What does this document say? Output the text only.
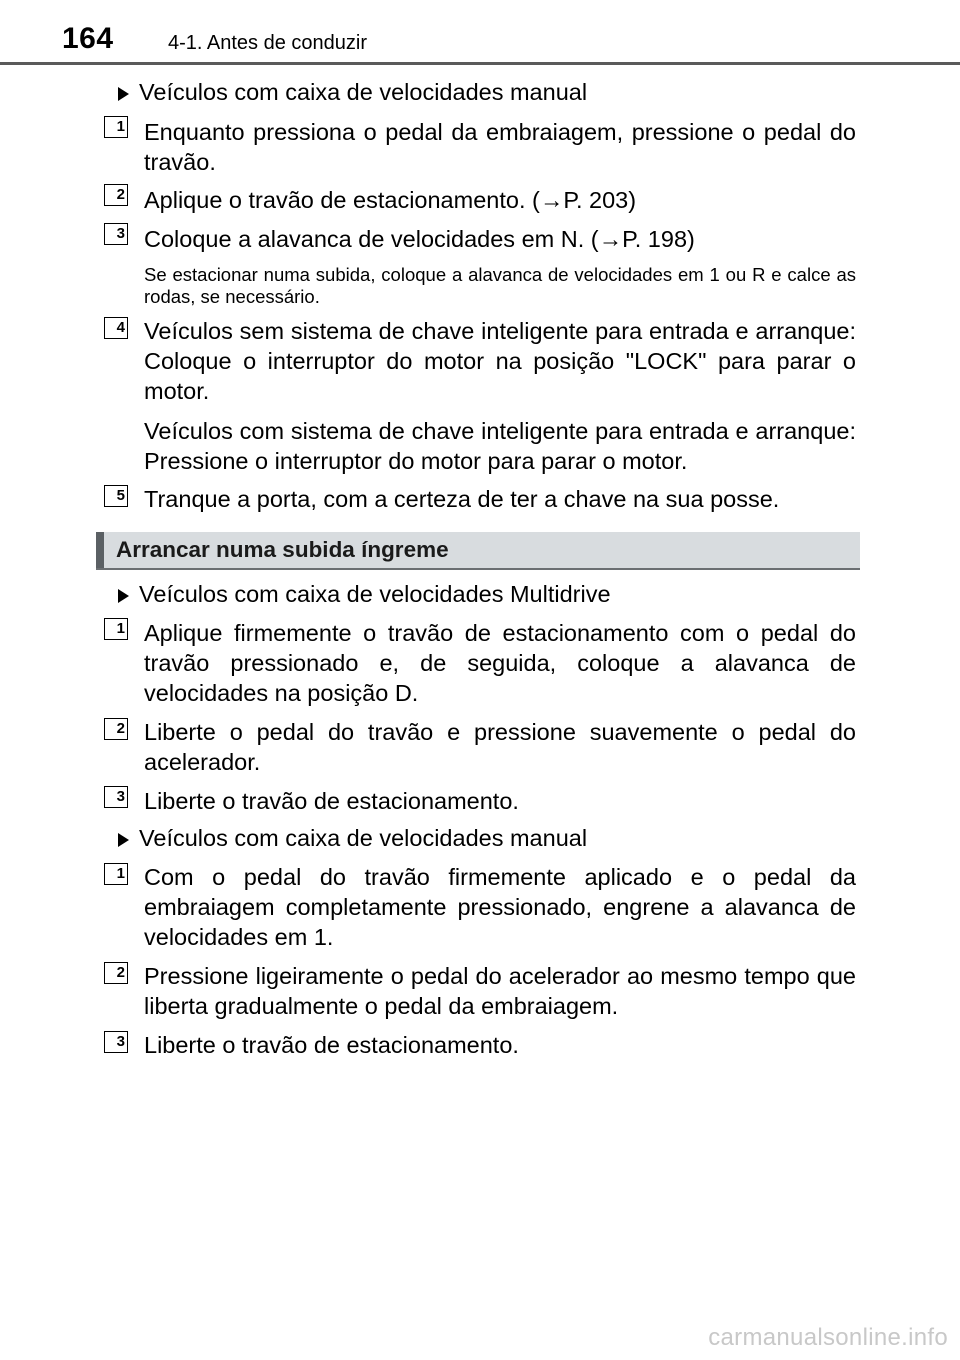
164	4-1. Antes de conduzir
Veículos com caixa de velocidades manual
1 Enquanto pressiona o pedal da embraiagem, pressione o pedal do travão.

2 Aplique o travão de estacionamento. (→P. 203)

3 Coloque a alavanca de velocidades em N. (→P. 198)

Se estacionar numa subida, coloque a alavanca de velocidades em 1 ou R e calce as rodas, se necessário.

4 Veículos sem sistema de chave inteligente para entrada e arranque: Coloque o interruptor do motor na posição "LOCK" para parar o motor.

Veículos com sistema de chave inteligente para entrada e arranque: Pressione o interruptor do motor para parar o motor.

5 Tranque a porta, com a certeza de ter a chave na sua posse.

Arrancar numa subida íngreme
Veículos com caixa de velocidades Multidrive
1 Aplique firmemente o travão de estacionamento com o pedal do travão pressionado e, de seguida, coloque a alavanca de velocidades na posição D.

2 Liberte o pedal do travão e pressione suavemente o pedal do acelerador.

3 Liberte o travão de estacionamento.

Veículos com caixa de velocidades manual
1 Com o pedal do travão firmemente aplicado e o pedal da embraiagem completamente pressionado, engrene a alavanca de velocidades em 1.

2 Pressione ligeiramente o pedal do acelerador ao mesmo tempo que liberta gradualmente o pedal da embraiagem.

3 Liberte o travão de estacionamento.

carmanualsonline.info
